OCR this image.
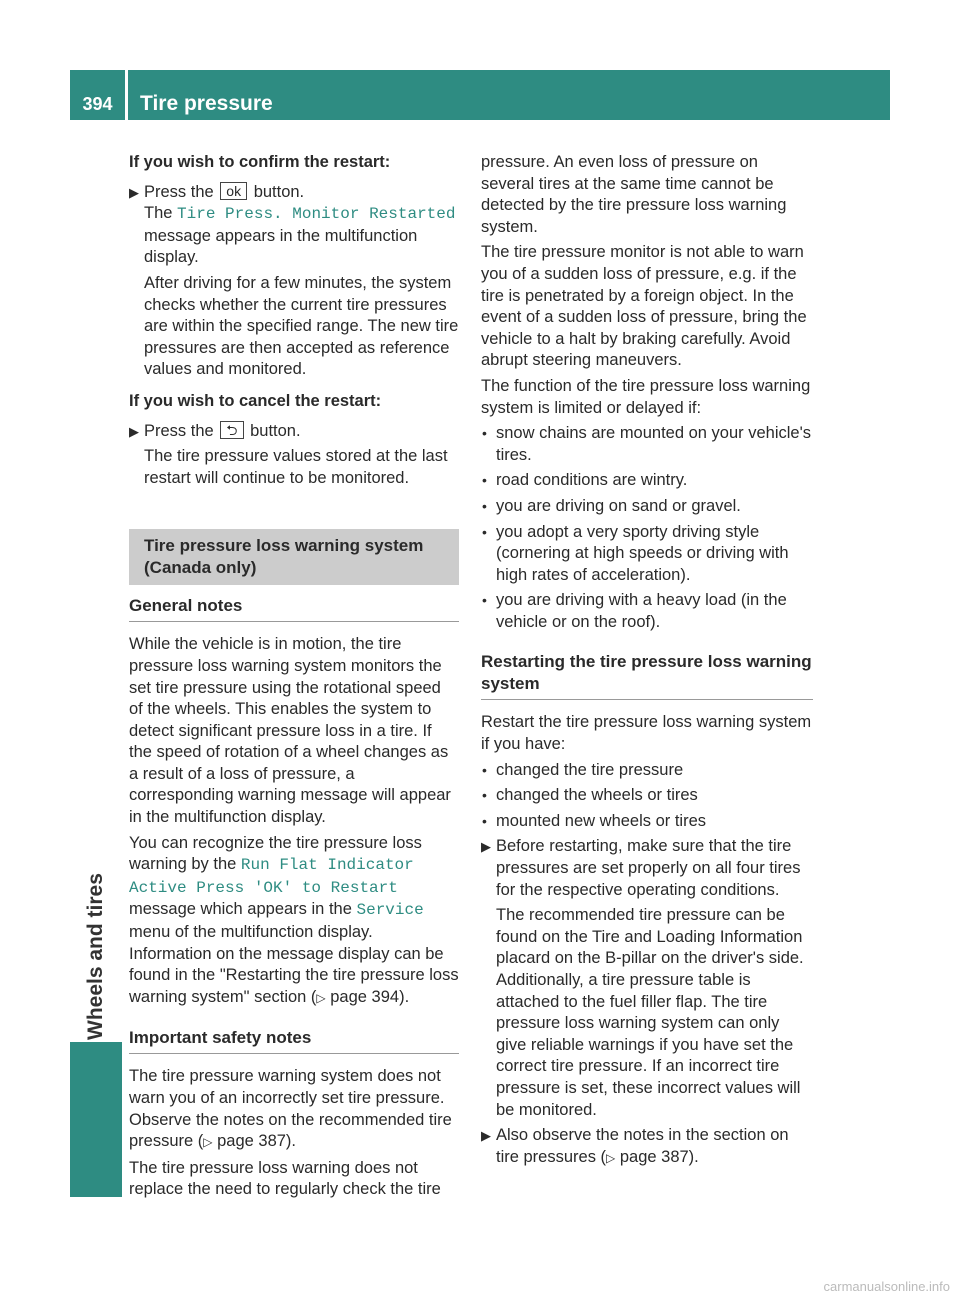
394	Tire pressure
Wheels and tires

If you wish to confirm the restart:

▶ Press the ok button.
The Tire Press. Monitor Restarted message appears in the multifunction display.

After driving for a few minutes, the system checks whether the current tire pressures are within the specified range. The new tire pressures are then accepted as reference values and monitored.

If you wish to cancel the restart:

▶ Press the ⮌ button.

The tire pressure values stored at the last restart will continue to be monitored.

Tire pressure loss warning system (Canada only)
General notes

While the vehicle is in motion, the tire pressure loss warning system monitors the set tire pressure using the rotational speed of the wheels. This enables the system to detect significant pressure loss in a tire. If the speed of rotation of a wheel changes as a result of a loss of pressure, a corresponding warning message will appear in the multifunction display.

You can recognize the tire pressure loss warning by the Run Flat Indicator Active Press 'OK' to Restart message which appears in the Service menu of the multifunction display. Information on the message display can be found in the "Restarting the tire pressure loss warning system" section (▷ page 394).

Important safety notes

The tire pressure warning system does not warn you of an incorrectly set tire pressure. Observe the notes on the recommended tire pressure (▷ page 387).

The tire pressure loss warning does not replace the need to regularly check the tire

pressure. An even loss of pressure on several tires at the same time cannot be detected by the tire pressure loss warning system.

The tire pressure monitor is not able to warn you of a sudden loss of pressure, e.g. if the tire is penetrated by a foreign object. In the event of a sudden loss of pressure, bring the vehicle to a halt by braking carefully. Avoid abrupt steering maneuvers.

The function of the tire pressure loss warning system is limited or delayed if:

• snow chains are mounted on your vehicle's tires.
• road conditions are wintry.
• you are driving on sand or gravel.
• you adopt a very sporty driving style (cornering at high speeds or driving with high rates of acceleration).
• you are driving with a heavy load (in the vehicle or on the roof).
Restarting the tire pressure loss warning system

Restart the tire pressure loss warning system if you have:

• changed the tire pressure
• changed the wheels or tires
• mounted new wheels or tires
▶ Before restarting, make sure that the tire pressures are set properly on all four tires for the respective operating conditions.

The recommended tire pressure can be found on the Tire and Loading Information placard on the B-pillar on the driver's side. Additionally, a tire pressure table is attached to the fuel filler flap. The tire pressure loss warning system can only give reliable warnings if you have set the correct tire pressure. If an incorrect tire pressure is set, these incorrect values will be monitored.

▶ Also observe the notes in the section on tire pressures (▷ page 387).

carmanualsonline.info
